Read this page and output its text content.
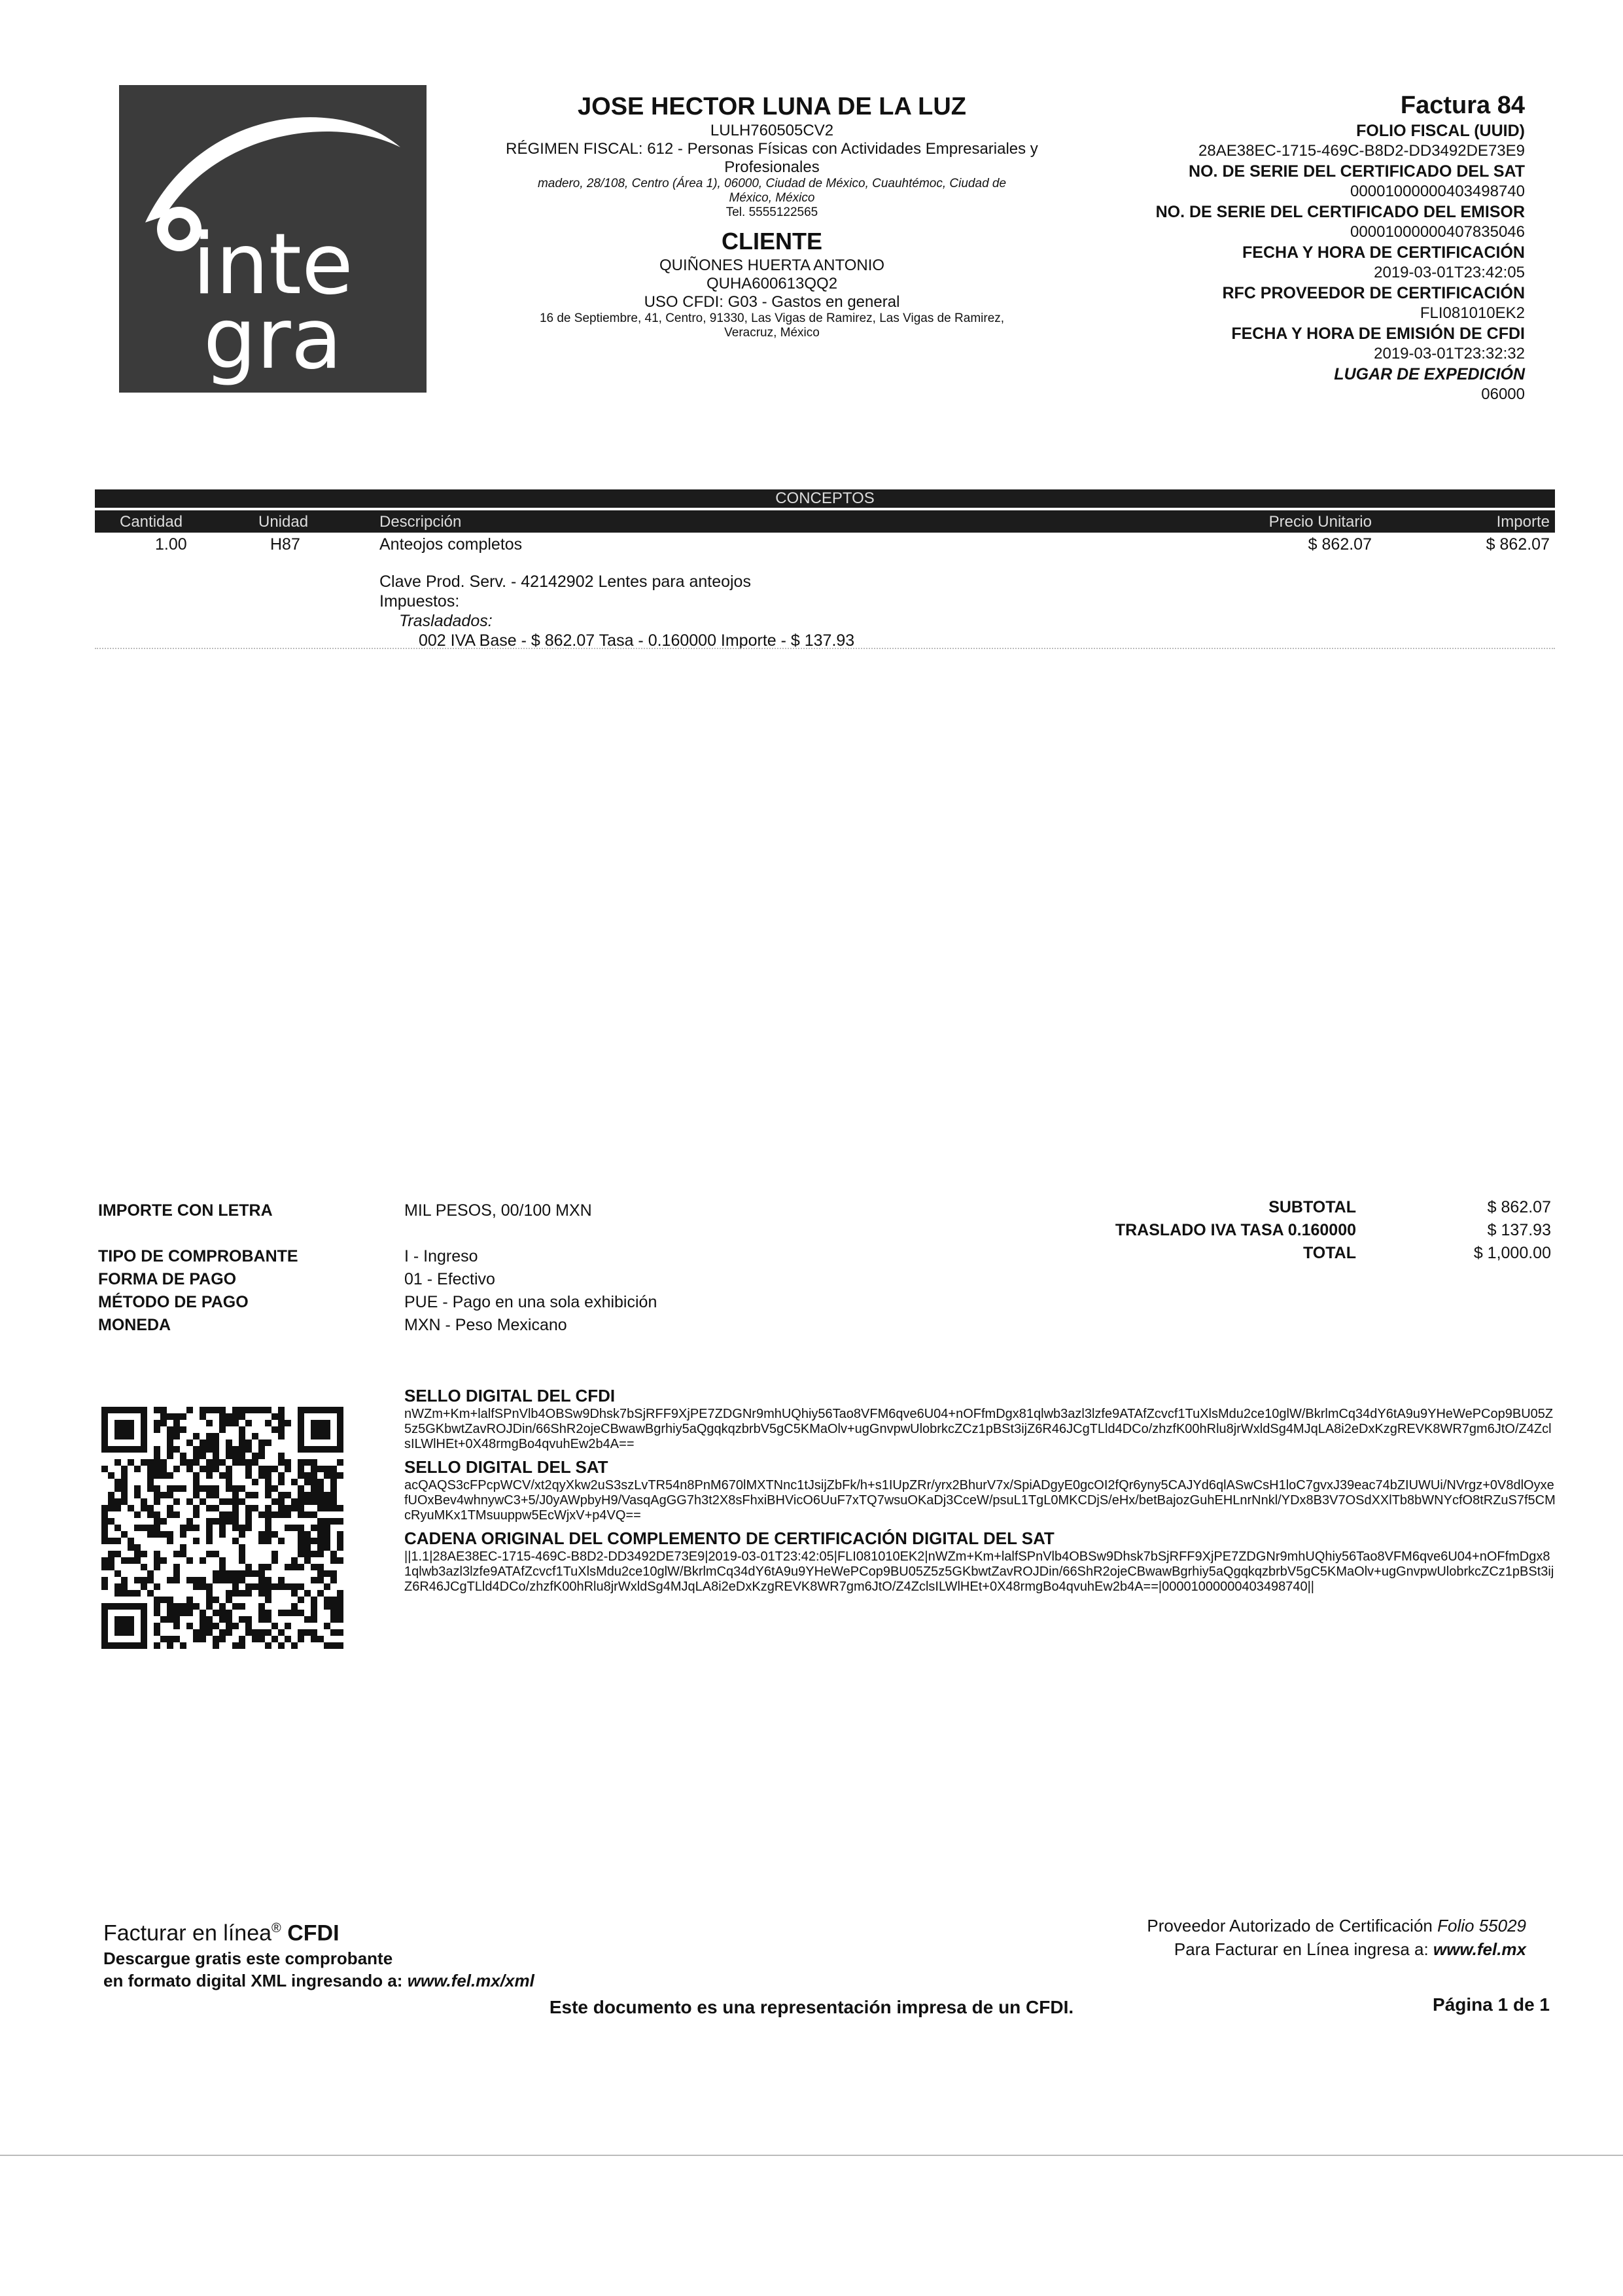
inte
gra
JOSE HECTOR LUNA DE LA LUZ
LULH760505CV2
RÉGIMEN FISCAL: 612 - Personas Físicas con Actividades Empresariales y
Profesionales
madero, 28/108, Centro (Área 1), 06000, Ciudad de México, Cuauhtémoc, Ciudad de
México, México
Tel. 5555122565
CLIENTE
QUIÑONES HUERTA ANTONIO
QUHA600613QQ2
USO CFDI: G03 - Gastos en general
16 de Septiembre, 41, Centro, 91330, Las Vigas de Ramirez, Las Vigas de Ramirez,
Veracruz, México
Factura 84
FOLIO FISCAL (UUID)
28AE38EC-1715-469C-B8D2-DD3492DE73E9
NO. DE SERIE DEL CERTIFICADO DEL SAT
00001000000403498740
NO. DE SERIE DEL CERTIFICADO DEL EMISOR
00001000000407835046
FECHA Y HORA DE CERTIFICACIÓN
2019-03-01T23:42:05
RFC PROVEEDOR DE CERTIFICACIÓN
FLI081010EK2
FECHA Y HORA DE EMISIÓN DE CFDI
2019-03-01T23:32:32
LUGAR DE EXPEDICIÓN
06000
CONCEPTOS
Cantidad	Unidad	Descripción	Precio Unitario	Importe
1.00	H87	Anteojos completos	$ 862.07	$ 862.07
Clave Prod. Serv. - 42142902 Lentes para anteojos
Impuestos:
Trasladados:
002 IVA Base - $ 862.07 Tasa - 0.160000 Importe - $ 137.93
IMPORTE CON LETRA	MIL PESOS, 00/100 MXN
TIPO DE COMPROBANTE	I - Ingreso
FORMA DE PAGO	01 - Efectivo
MÉTODO DE PAGO	PUE - Pago en una sola exhibición
MONEDA	MXN - Peso Mexicano
SUBTOTAL	$ 862.07
TRASLADO IVA TASA 0.160000	$ 137.93
TOTAL	$ 1,000.00
SELLO DIGITAL DEL CFDI
nWZm+Km+lalfSPnVlb4OBSw9Dhsk7bSjRFF9XjPE7ZDGNr9mhUQhiy56Tao8VFM6qve6U04+nOFfmDgx81qlwb3azl3lzfe9ATAfZcvcf1TuXlsMdu2ce10glW/BkrlmCq34dY6tA9u9YHeWePCop9BU05Z5z5GKbwtZavROJDin/66ShR2ojeCBwawBgrhiy5aQgqkqzbrbV5gC5KMaOlv+ugGnvpwUlobrkcZCz1pBSt3ijZ6R46JCgTLld4DCo/zhzfK00hRlu8jrWxldSg4MJqLA8i2eDxKzgREVK8WR7gm6JtO/Z4ZclsILWlHEt+0X48rmgBo4qvuhEw2b4A==
SELLO DIGITAL DEL SAT
acQAQS3cFPcpWCV/xt2qyXkw2uS3szLvTR54n8PnM670lMXTNnc1tJsijZbFk/h+s1IUpZRr/yrx2BhurV7x/SpiADgyE0gcOI2fQr6yny5CAJYd6qlASwCsH1loC7gvxJ39eac74bZIUWUi/NVrgz+0V8dlOyxefUOxBev4whnywC3+5/J0yAWpbyH9/VasqAgGG7h3t2X8sFhxiBHVicO6UuF7xTQ7wsuOKaDj3CceW/psuL1TgL0MKCDjS/eHx/betBajozGuhEHLnrNnkl/YDx8B3V7OSdXXlTb8bWNYcfO8tRZuS7f5CMcRyuMKx1TMsuuppw5EcWjxV+p4VQ==
CADENA ORIGINAL DEL COMPLEMENTO DE CERTIFICACIÓN DIGITAL DEL SAT
||1.1|28AE38EC-1715-469C-B8D2-DD3492DE73E9|2019-03-01T23:42:05|FLI081010EK2|nWZm+Km+lalfSPnVlb4OBSw9Dhsk7bSjRFF9XjPE7ZDGNr9mhUQhiy56Tao8VFM6qve6U04+nOFfmDgx81qlwb3azl3lzfe9ATAfZcvcf1TuXlsMdu2ce10glW/BkrlmCq34dY6tA9u9YHeWePCop9BU05Z5z5GKbwtZavROJDin/66ShR2ojeCBwawBgrhiy5aQgqkqzbrbV5gC5KMaOlv+ugGnvpwUlobrkcZCz1pBSt3ijZ6R46JCgTLld4DCo/zhzfK00hRlu8jrWxldSg4MJqLA8i2eDxKzgREVK8WR7gm6JtO/Z4ZclsILWlHEt+0X48rmgBo4qvuhEw2b4A==|00001000000403498740||
Facturar en línea® CFDI
Descargue gratis este comprobante
en formato digital XML ingresando a: www.fel.mx/xml
Proveedor Autorizado de Certificación Folio 55029
Para Facturar en Línea ingresa a: www.fel.mx
Este documento es una representación impresa de un CFDI.	Página 1 de 1
